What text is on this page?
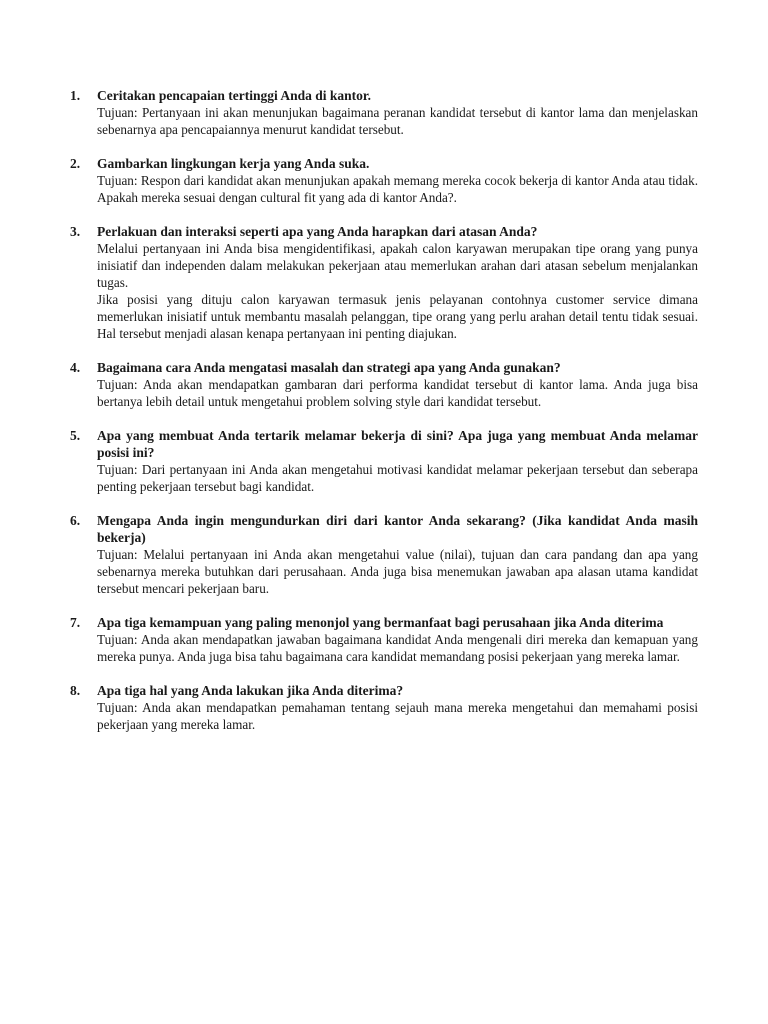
1.	Ceritakan pencapaian tertinggi Anda di kantor.
Tujuan: Pertanyaan ini akan menunjukan bagaimana peranan kandidat tersebut di kantor lama dan menjelaskan sebenarnya apa pencapaiannya menurut kandidat tersebut.
2.	Gambarkan lingkungan kerja yang Anda suka.
Tujuan: Respon dari kandidat akan menunjukan apakah memang mereka cocok bekerja di kantor Anda atau tidak. Apakah mereka sesuai dengan cultural fit yang ada di kantor Anda?.
3.	Perlakuan dan interaksi seperti apa yang Anda harapkan dari atasan Anda?
Melalui pertanyaan ini Anda bisa mengidentifikasi, apakah calon karyawan merupakan tipe orang yang punya inisiatif dan independen dalam melakukan pekerjaan atau memerlukan arahan dari atasan sebelum menjalankan tugas.
Jika posisi yang dituju calon karyawan termasuk jenis pelayanan contohnya customer service dimana memerlukan inisiatif untuk membantu masalah pelanggan, tipe orang yang perlu arahan detail tentu tidak sesuai. Hal tersebut menjadi alasan kenapa pertanyaan ini penting diajukan.
4.	Bagaimana cara Anda mengatasi masalah dan strategi apa yang Anda gunakan?
Tujuan: Anda akan mendapatkan gambaran dari performa kandidat tersebut di kantor lama. Anda juga bisa bertanya lebih detail untuk mengetahui problem solving style dari kandidat tersebut.
5.	Apa yang membuat Anda tertarik melamar bekerja di sini? Apa juga yang membuat Anda melamar posisi ini?
Tujuan: Dari pertanyaan ini Anda akan mengetahui motivasi kandidat melamar pekerjaan tersebut dan seberapa penting pekerjaan tersebut bagi kandidat.
6.	Mengapa Anda ingin mengundurkan diri dari kantor Anda sekarang? (Jika kandidat Anda masih bekerja)
Tujuan: Melalui pertanyaan ini Anda akan mengetahui value (nilai), tujuan dan cara pandang dan apa yang sebenarnya mereka butuhkan dari perusahaan. Anda juga bisa menemukan jawaban apa alasan utama kandidat tersebut mencari pekerjaan baru.
7.	Apa tiga kemampuan yang paling menonjol yang bermanfaat bagi perusahaan jika Anda diterima
Tujuan: Anda akan mendapatkan jawaban bagaimana kandidat Anda mengenali diri mereka dan kemapuan yang mereka punya. Anda juga bisa tahu bagaimana cara kandidat memandang posisi pekerjaan yang mereka lamar.
8.	Apa tiga hal yang Anda lakukan jika Anda diterima?
Tujuan: Anda akan mendapatkan pemahaman tentang sejauh mana mereka mengetahui dan memahami posisi pekerjaan yang mereka lamar.
